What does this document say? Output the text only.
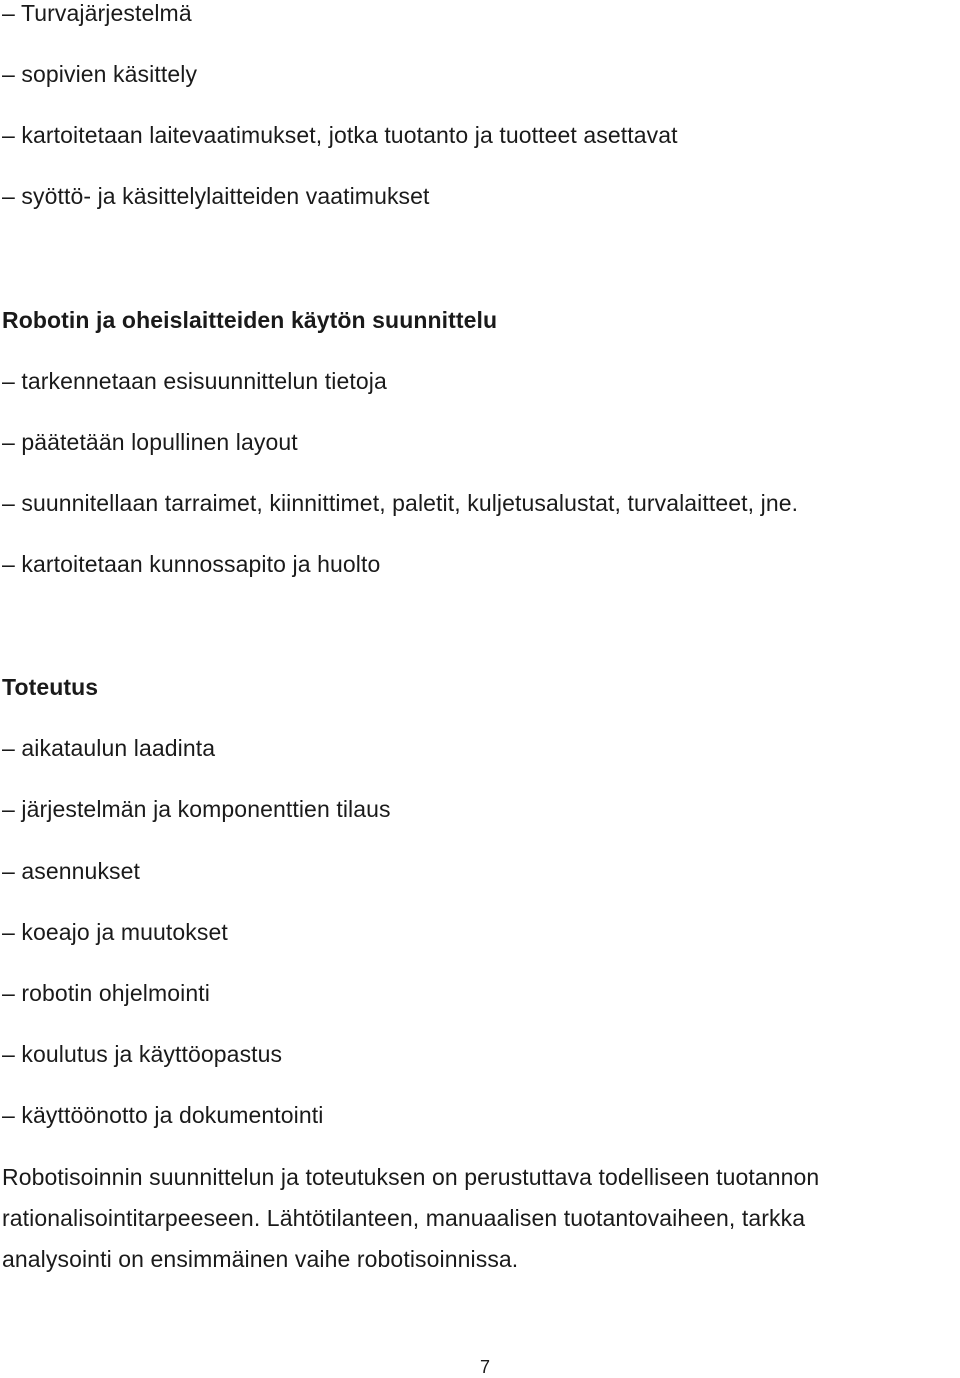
– Turvajärjestelmä
– sopivien käsittely
– kartoitetaan laitevaatimukset, jotka tuotanto ja tuotteet asettavat
– syöttö- ja käsittelylaitteiden vaatimukset
Robotin ja oheislaitteiden käytön suunnittelu
– tarkennetaan esisuunnittelun tietoja
– päätetään lopullinen layout
– suunnitellaan tarraimet, kiinnittimet, paletit, kuljetusalustat, turvalaitteet, jne.
– kartoitetaan kunnossapito ja huolto
Toteutus
– aikataulun laadinta
– järjestelmän ja komponenttien tilaus
– asennukset
– koeajo ja muutokset
– robotin ohjelmointi
– koulutus ja käyttöopastus
– käyttöönotto ja dokumentointi
Robotisoinnin suunnittelun ja toteutuksen on perustuttava todelliseen tuotannon
rationalisointitarpeeseen. Lähtötilanteen, manuaalisen tuotantovaiheen, tarkka
analysointi on ensimmäinen vaihe robotisoinnissa.
7
